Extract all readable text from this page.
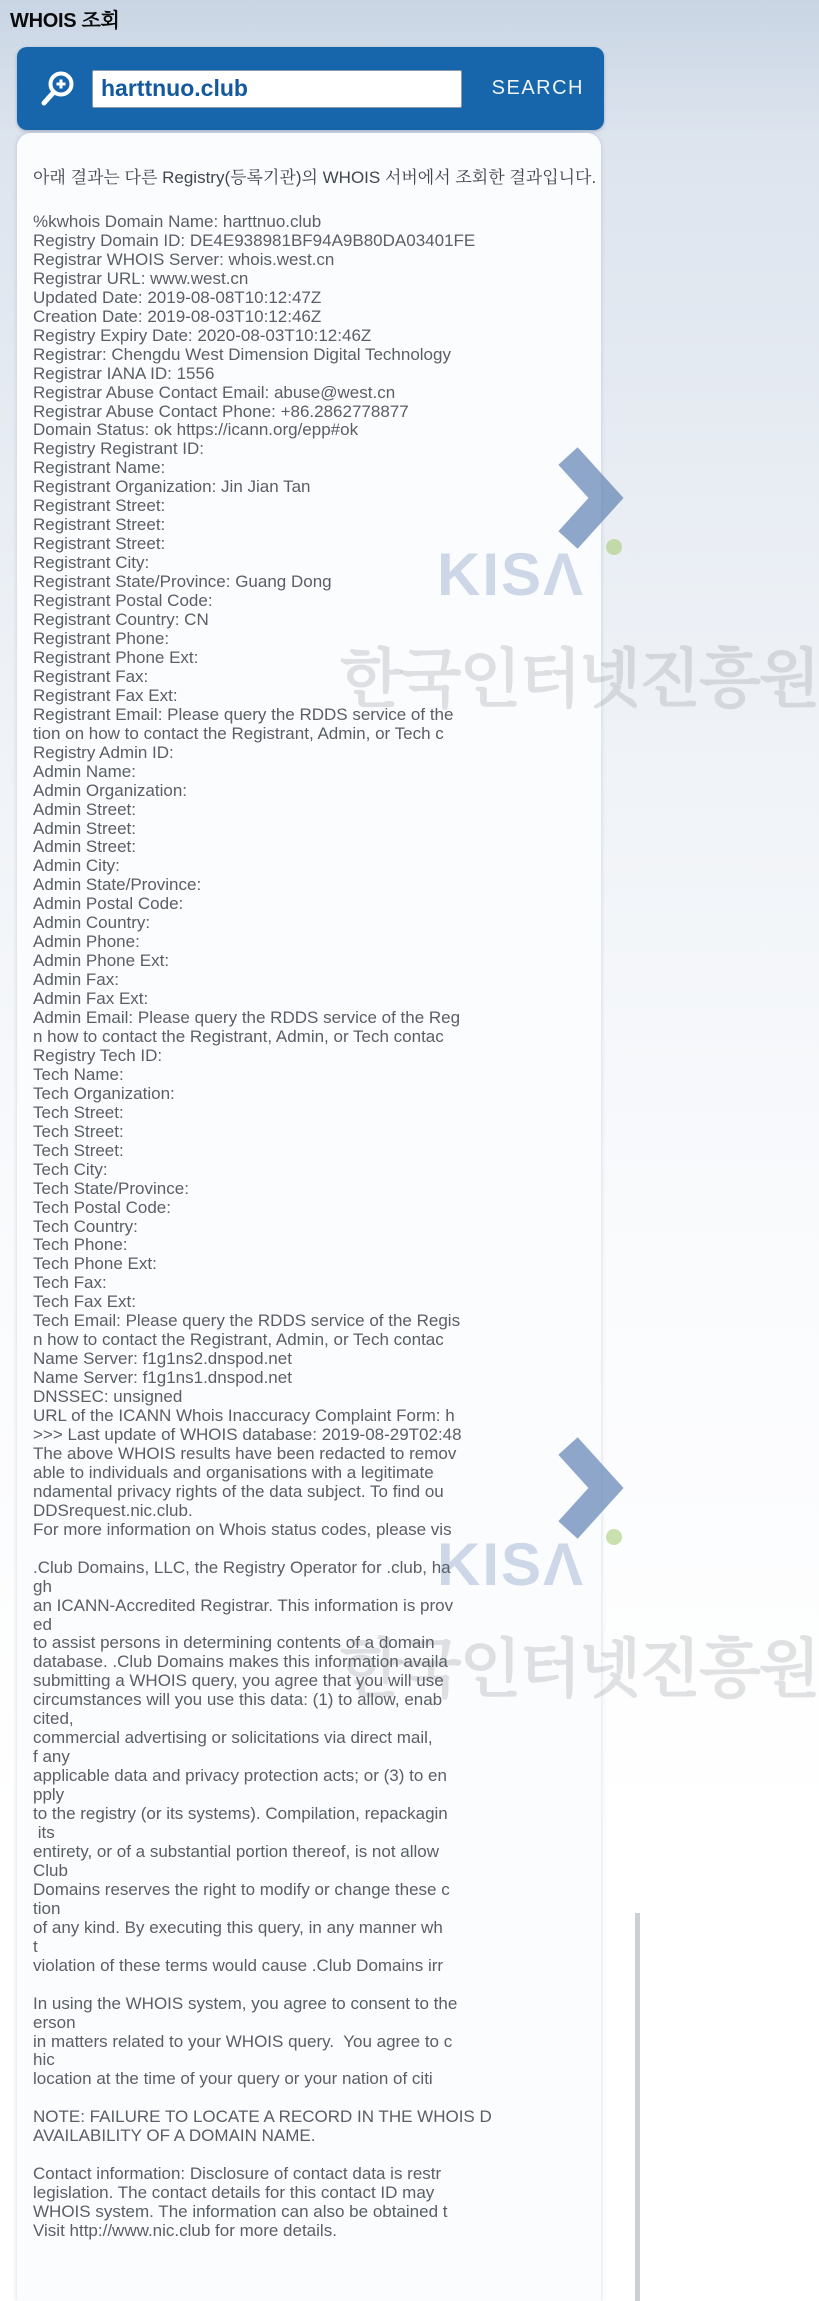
WHOIS 조회
harttnuo.club
SEARCH
KISΛ
한국인터넷진흥원
KISΛ
한국인터넷진흥원
아래 결과는 다른 Registry(등록기관)의 WHOIS 서버에서 조회한 결과입니다.
%kwhois Domain Name: harttnuo.club
Registry Domain ID: DE4E938981BF94A9B80DA03401FE
Registrar WHOIS Server: whois.west.cn
Registrar URL: www.west.cn
Updated Date: 2019-08-08T10:12:47Z
Creation Date: 2019-08-03T10:12:46Z
Registry Expiry Date: 2020-08-03T10:12:46Z
Registrar: Chengdu West Dimension Digital Technology
Registrar IANA ID: 1556
Registrar Abuse Contact Email: abuse@west.cn
Registrar Abuse Contact Phone: +86.2862778877
Domain Status: ok https://icann.org/epp#ok
Registry Registrant ID:
Registrant Name:
Registrant Organization: Jin Jian Tan
Registrant Street:
Registrant Street:
Registrant Street:
Registrant City:
Registrant State/Province: Guang Dong
Registrant Postal Code:
Registrant Country: CN
Registrant Phone:
Registrant Phone Ext:
Registrant Fax:
Registrant Fax Ext:
Registrant Email: Please query the RDDS service of the
tion on how to contact the Registrant, Admin, or Tech c
Registry Admin ID:
Admin Name:
Admin Organization:
Admin Street:
Admin Street:
Admin Street:
Admin City:
Admin State/Province:
Admin Postal Code:
Admin Country:
Admin Phone:
Admin Phone Ext:
Admin Fax:
Admin Fax Ext:
Admin Email: Please query the RDDS service of the Reg
n how to contact the Registrant, Admin, or Tech contac
Registry Tech ID:
Tech Name:
Tech Organization:
Tech Street:
Tech Street:
Tech Street:
Tech City:
Tech State/Province:
Tech Postal Code:
Tech Country:
Tech Phone:
Tech Phone Ext:
Tech Fax:
Tech Fax Ext:
Tech Email: Please query the RDDS service of the Regis
n how to contact the Registrant, Admin, or Tech contac
Name Server: f1g1ns2.dnspod.net
Name Server: f1g1ns1.dnspod.net
DNSSEC: unsigned
URL of the ICANN Whois Inaccuracy Complaint Form: h
>>> Last update of WHOIS database: 2019-08-29T02:48
The above WHOIS results have been redacted to remov
able to individuals and organisations with a legitimate
ndamental privacy rights of the data subject. To find ou
DDSrequest.nic.club.
For more information on Whois status codes, please vis

.Club Domains, LLC, the Registry Operator for .club, ha
gh
an ICANN-Accredited Registrar. This information is prov
ed
to assist persons in determining contents of a domain
database. .Club Domains makes this information availa
submitting a WHOIS query, you agree that you will use
circumstances will you use this data: (1) to allow, enab
cited,
commercial advertising or solicitations via direct mail,
f any
applicable data and privacy protection acts; or (3) to en
pply
to the registry (or its systems). Compilation, repackagin
its
entirety, or of a substantial portion thereof, is not allow
Club
Domains reserves the right to modify or change these c
tion
of any kind. By executing this query, in any manner wh
t
violation of these terms would cause .Club Domains irr

In using the WHOIS system, you agree to consent to the
erson
in matters related to your WHOIS query.  You agree to c
hic
location at the time of your query or your nation of citi

NOTE: FAILURE TO LOCATE A RECORD IN THE WHOIS D
AVAILABILITY OF A DOMAIN NAME.

Contact information: Disclosure of contact data is restr
legislation. The contact details for this contact ID may
WHOIS system. The information can also be obtained t
Visit http://www.nic.club for more details.
